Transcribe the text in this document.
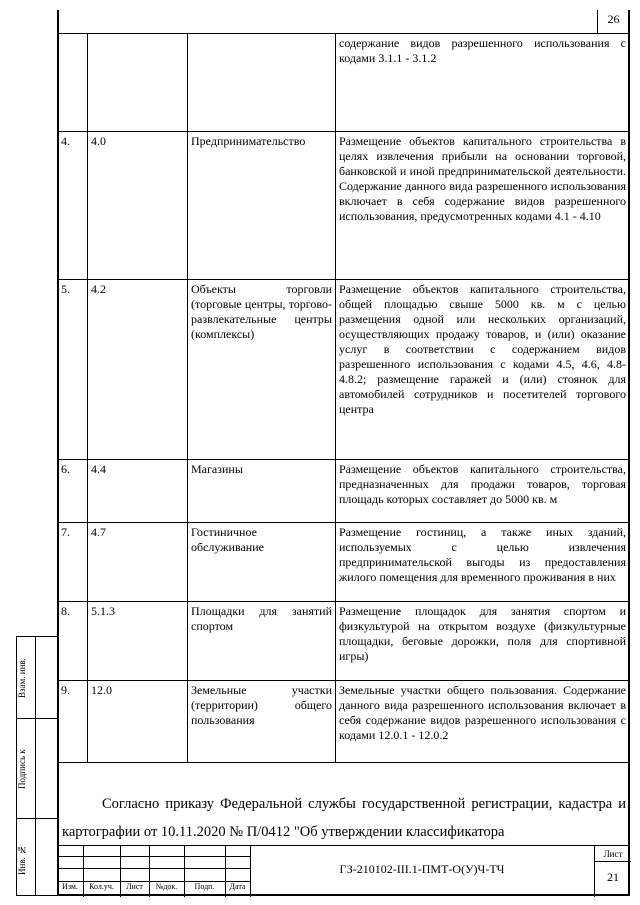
26
			содержание видов разрешенного использования с кодами 3.1.1 - 3.1.2
4.	4.0	Предпринимательство	Размещение объектов капитального строительства в целях извлечения прибыли на основании торговой, банковской и иной предпринимательской деятельности. Содержание данного вида разрешенного использования включает в себя содержание видов разрешенного использования, предусмотренных кодами 4.1 - 4.10
5.	4.2	Объекты торговли (торговые центры, торгово-развлекательные центры (комплексы)	Размещение объектов капитального строительства, общей площадью свыше 5000 кв. м с целью размещения одной или нескольких организаций, осуществляющих продажу товаров, и (или) оказание услуг в соответствии с содержанием видов разрешенного использования с кодами 4.5, 4.6, 4.8-4.8.2; размещение гаражей и (или) стоянок для автомобилей сотрудников и посетителей торгового центра
6.	4.4	Магазины	Размещение объектов капитального строительства, предназначенных для продажи товаров, торговая площадь которых составляет до 5000 кв. м
7.	4.7	Гостиничное обслуживание	Размещение гостиниц, а также иных зданий, используемых с целью извлечения предпринимательской выгоды из предоставления жилого помещения для временного проживания в них
8.	5.1.3	Площадки для занятий спортом	Размещение площадок для занятия спортом и физкультурой на открытом воздухе (физкультурные площадки, беговые дорожки, поля для спортивной игры)
9.	12.0	Земельные участки (территории) общего пользования	Земельные участки общего пользования. Содержание данного вида разрешенного использования включает в себя содержание видов разрешенного использования с кодами 12.0.1 - 12.0.2
Согласно приказу Федеральной службы государственной регистрации, кадастра и картографии от 10.11.2020 № П/0412 "Об утверждении классификатора
Изм.	Кол.уч.	Лист	№док.	Подп.	Дата
ГЗ-210102-III.1-ПМТ-О(У)Ч-ТЧ
Лист
21
Взам. инв.
Подпись к
Инв. №
